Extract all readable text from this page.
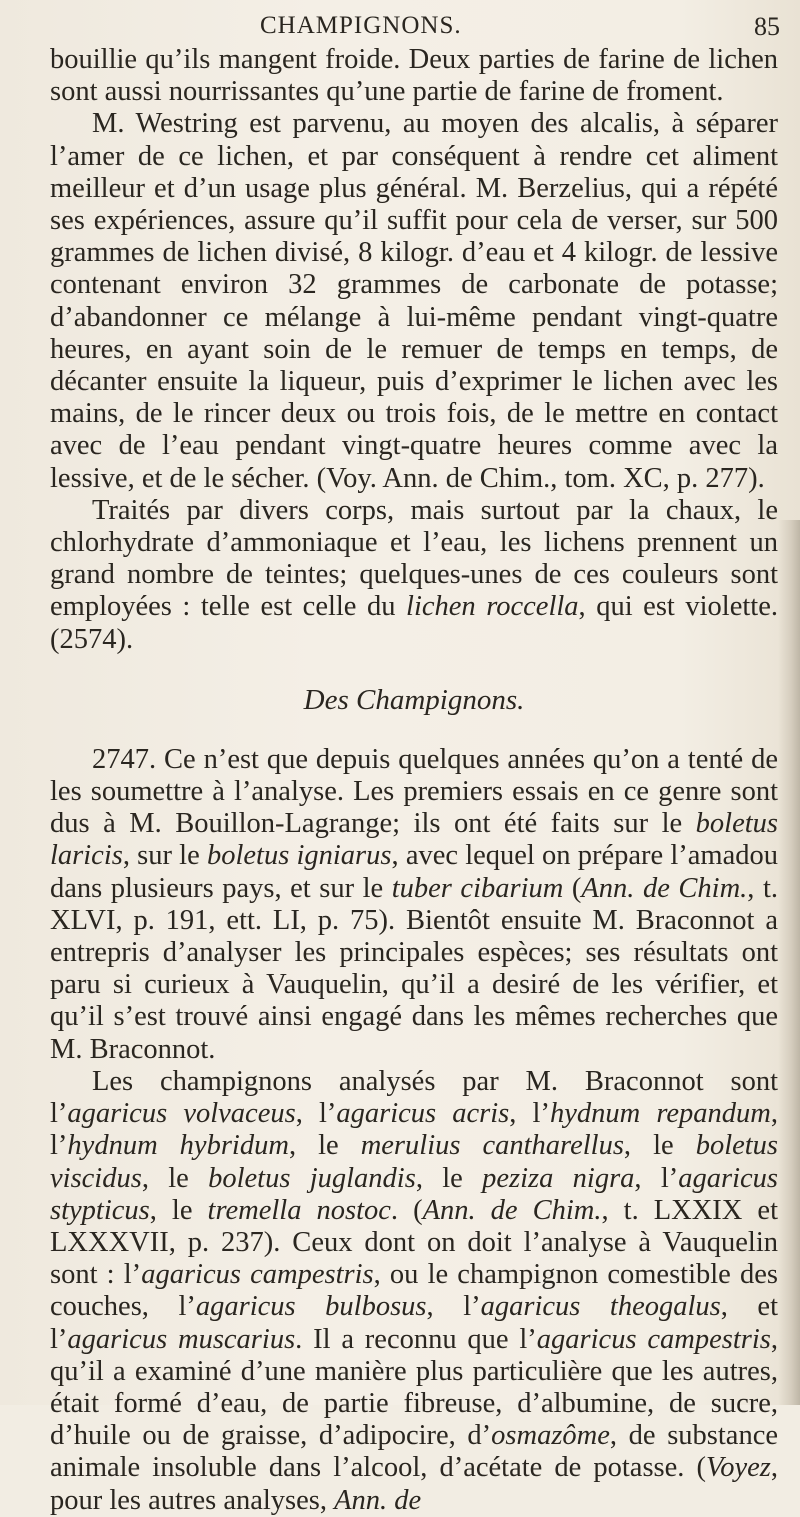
CHAMPIGNONS.	85

bouillie qu’ils mangent froide. Deux parties de farine de lichen sont aussi nourrissantes qu’une partie de farine de froment.

M. Westring est parvenu, au moyen des alcalis, à séparer l’amer de ce lichen, et par conséquent à rendre cet aliment meilleur et d’un usage plus général. M. Berzelius, qui a répété ses expériences, assure qu’il suffit pour cela de verser, sur 500 grammes de lichen divisé, 8 kilogr. d’eau et 4 kilogr. de lessive contenant environ 32 grammes de carbonate de potasse; d’abandonner ce mélange à lui-même pendant vingt-quatre heures, en ayant soin de le remuer de temps en temps, de décanter ensuite la liqueur, puis d’exprimer le lichen avec les mains, de le rincer deux ou trois fois, de le mettre en contact avec de l’eau pendant vingt-quatre heures comme avec la lessive, et de le sécher. (Voy. Ann. de Chim., tom. XC, p. 277).

Traités par divers corps, mais surtout par la chaux, le chlorhydrate d’ammoniaque et l’eau, les lichens prennent un grand nombre de teintes; quelques-unes de ces couleurs sont employées : telle est celle du lichen roccella, qui est violette.(2574).

Des Champignons.

2747. Ce n’est que depuis quelques années qu’on a tenté de les soumettre à l’analyse. Les premiers essais en ce genre sont dus à M. Bouillon-Lagrange; ils ont été faits sur le boletus laricis, sur le boletus igniarus, avec lequel on prépare l’amadou dans plusieurs pays, et sur le tuber cibarium (Ann. de Chim., t. XLVI, p. 191, ett. LI, p. 75). Bientôt ensuite M. Braconnot a entrepris d’analyser les principales espèces; ses résultats ont paru si curieux à Vauquelin, qu’il a desiré de les vérifier, et qu’il s’est trouvé ainsi engagé dans les mêmes recherches que M. Braconnot.

Les champignons analysés par M. Braconnot sont l’agaricus volvaceus, l’agaricus acris, l’hydnum repandum, l’hydnum hybridum, le merulius cantharellus, le boletus viscidus, le boletus juglandis, le peziza nigra, l’agaricus stypticus, le tremella nostoc. (Ann. de Chim., t. LXXIX et LXXXVII, p. 237). Ceux dont on doit l’analyse à Vauquelin sont : l’agaricus campestris, ou le champignon comestible des couches, l’agaricus bulbosus, l’agaricus theogalus, et l’agaricus muscarius. Il a reconnu que l’agaricus campestris, qu’il a examiné d’une manière plus particulière que les autres, était formé d’eau, de partie fibreuse, d’albumine, de sucre, d’huile ou de graisse, d’adipocire, d’osmazôme, de substance animale insoluble dans l’alcool, d’acétate de potasse. (Voyez, pour les autres analyses, Ann. de
